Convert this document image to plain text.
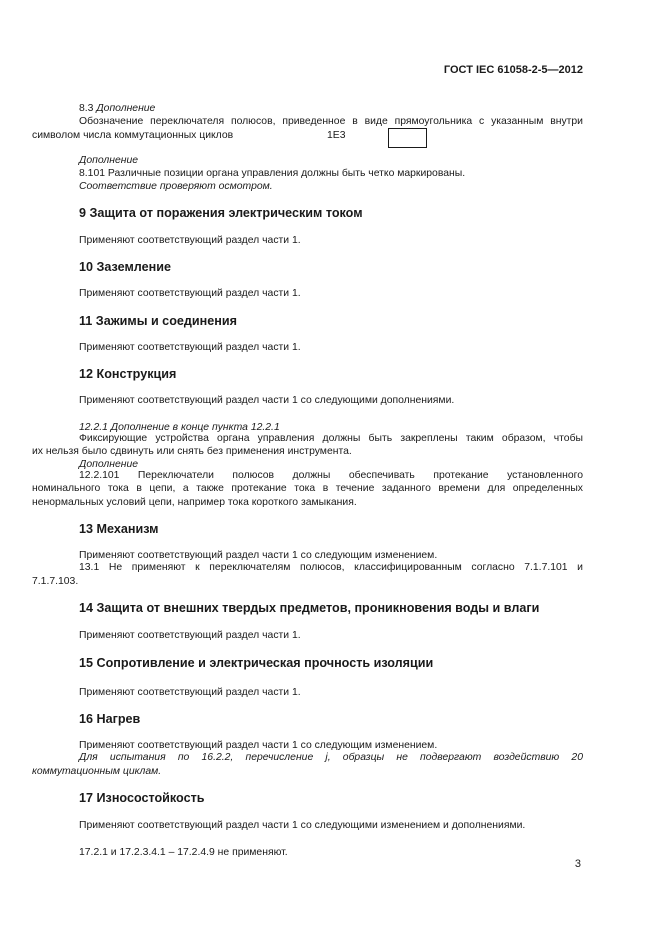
ГОСТ IEC 61058-2-5—2012
8.3 Дополнение
Обозначение переключателя полюсов, приведенное в виде прямоугольника с указанным внутри
символом числа коммутационных циклов	1E3
Дополнение
8.101 Различные позиции органа управления должны быть четко маркированы.
Соответствие проверяют осмотром.
9 Защита от поражения электрическим током
Применяют соответствующий раздел части 1.
10 Заземление
Применяют соответствующий раздел части 1.
11 Зажимы и соединения
Применяют соответствующий раздел части 1.
12 Конструкция
Применяют соответствующий раздел части 1 со следующими дополнениями.
12.2.1 Дополнение в конце пункта 12.2.1
Фиксирующие устройства органа управления должны быть закреплены таким образом, чтобы
их нельзя было сдвинуть или снять без применения инструмента.
Дополнение
12.2.101 Переключатели полюсов должны обеспечивать протекание установленного
номинального тока в цепи, а также протекание тока в течение заданного времени для определенных
ненормальных условий цепи, например тока короткого замыкания.
13 Механизм
Применяют соответствующий раздел части 1 со следующим изменением.
13.1 Не применяют к переключателям полюсов, классифицированным согласно 7.1.7.101 и
7.1.7.103.
14 Защита от внешних твердых предметов, проникновения воды и влаги
Применяют соответствующий раздел части 1.
15 Сопротивление и электрическая прочность изоляции
Применяют соответствующий раздел части 1.
16 Нагрев
Применяют соответствующий раздел части 1 со следующим изменением.
Для испытания по 16.2.2, перечисление j, образцы не подвергают воздействию 20
коммутационным циклам.
17 Износостойкость
Применяют соответствующий раздел части 1 со следующими изменением и дополнениями.
17.2.1 и 17.2.3.4.1 – 17.2.4.9 не применяют.
3
